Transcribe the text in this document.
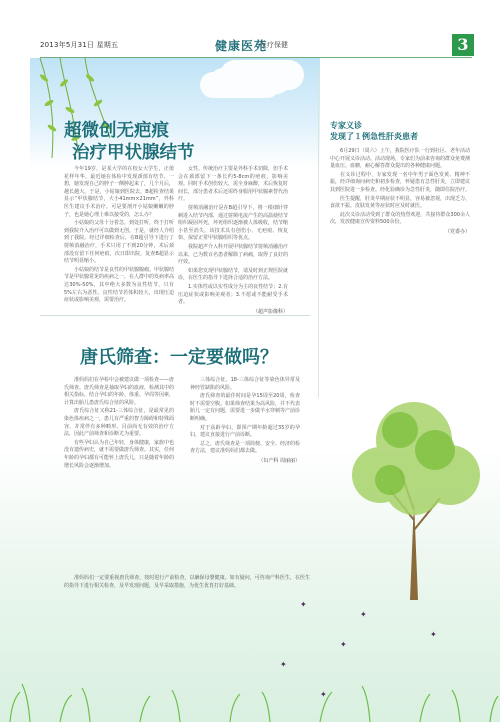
2013年5月31日 星期五	健康医苑
医疗保健	3
超微创无疤痕
治疗甲状腺结节

今年19岁，是某大学的在校女大学生，正值花样年华。最近她在体检中发现颈部有结节，一想，她发现自己的脖子一侧肿起来了，几个月后，越长越大，于是，小姑娘到医院去，B超检查结果显示“甲状腺结节，大小41mm×21mm”，外科医生建议手术治疗。可是要剖开小姑娘嫩嫩的脖子，也是她心理上难以接受的，怎么办？

小姑娘的父母十分着急，到处打听，终于打听到我院介入治疗可以做到无创，于是，就经人介绍到了我院。经过详细检查后，在B超引导下进行了射频消融治疗，手术只用了不到20分钟，术后颈部没有留下任何疤痕，次日即出院，复查B超显示结节明显缩小。

小姑娘的结节是良性的甲状腺腺瘤。甲状腺结节是甲状腺常见的疾病之一，在人群中的发病率高达30%-50%，其中绝大多数为良性结节，只有5%左右为恶性。良性结节若体积较大，出现压迫症状或影响美观，需要治疗。

女性。传统治疗主要是外科手术切除，但手术会在颈部留下一条长约5-8cm的疤痕，影响美观。同时手术创伤较大，需全身麻醉，术后恢复时间长，部分患者术后还需终身服用甲状腺素替代治疗。

射频消融治疗是在B超引导下，将一根细针穿刺进入结节内部，通过射频电流产生的高温使结节组织凝固坏死，坏死组织逐渐被人体吸收，结节缩小甚至消失。该技术具有创伤小、无疤痕、恢复快、保留正常甲状腺组织等优点。

我院超声介入科开展甲状腺结节射频消融治疗以来，已为数百名患者解除了病痛，取得了良好的疗效。

如果您发现甲状腺结节，请及时到正规医院就诊，在医生的指导下选择合适的治疗方法。

1.实体性或以实性成分为主的良性结节；2.有压迫症状或影响美观者；3.不愿或不能耐受手术者。

（超声影像科）
唐氏筛查：一定要做吗？

准妈妈们在孕检中会被建议做一项检查——唐氏筛查。唐氏筛查是抽取孕妇的血液，检测其中的相关指标，结合孕妇的年龄、体重、孕周等因素，计算出胎儿患唐氏综合征的风险。

唐氏综合征又称21-三体综合征，是最常见的染色体疾病之一，患儿有严重的智力障碍和特殊面容，并常伴有多种畸形。目前尚无有效的治疗方法，因此产前筛查和诊断尤为重要。

有些孕妇认为自己年轻，身体健康，家族中也没有遗传病史，就不需要做唐氏筛查。其实，任何年龄的孕妇都有可能怀上唐氏儿，只是随着年龄的增长风险会逐渐增加。

三体综合征。18-三体综合征等染色体异常及神经管缺陷的风险。

唐氏筛查的最佳时间是孕15周至20周，检查时不需要空腹。如果筛查结果为高风险，并不代表胎儿一定有问题，需要进一步做羊水穿刺等产前诊断明确。

对于高龄孕妇，即预产期年龄超过35岁的孕妇，建议直接进行产前诊断。

总之，唐氏筛查是一项简便、安全、经济的检查方法，建议准妈妈们都去做。

（妇产科 周丽丽）

准妈妈们一定要重视唐氏筛查，按时进行产前检查，以确保母婴健康。如有疑问，可咨询产科医生，在医生的指导下进行相关检查，及早发现问题，及早采取措施，为优生优育打好基础。

专家义诊
发现了１例急性肝炎患者

6月29日（周六）上午，我院医疗队一行到社区、老年活动中心开展义诊活动。活动现场，专家们为前来咨询的群众免费测量血压、血糖，耐心解答群众提出的各种健康问题。

在义诊过程中，专家发现一名中年男子面色发黄、精神不振，经详细询问病史和初步检查，怀疑患有急性肝炎，立即建议其到医院进一步检查。经化验确诊为急性肝炎，随即住院治疗。

医生提醒，肝炎早期症状不明显，容易被忽视，出现乏力、食欲不振、皮肤发黄等症状时应及时就医。

此次义诊活动受到了群众的热烈欢迎，共接待群众300余人次，发放健康宣传资料500余份。

（党委办）
✦
✦
✦
✦
✦
✦
